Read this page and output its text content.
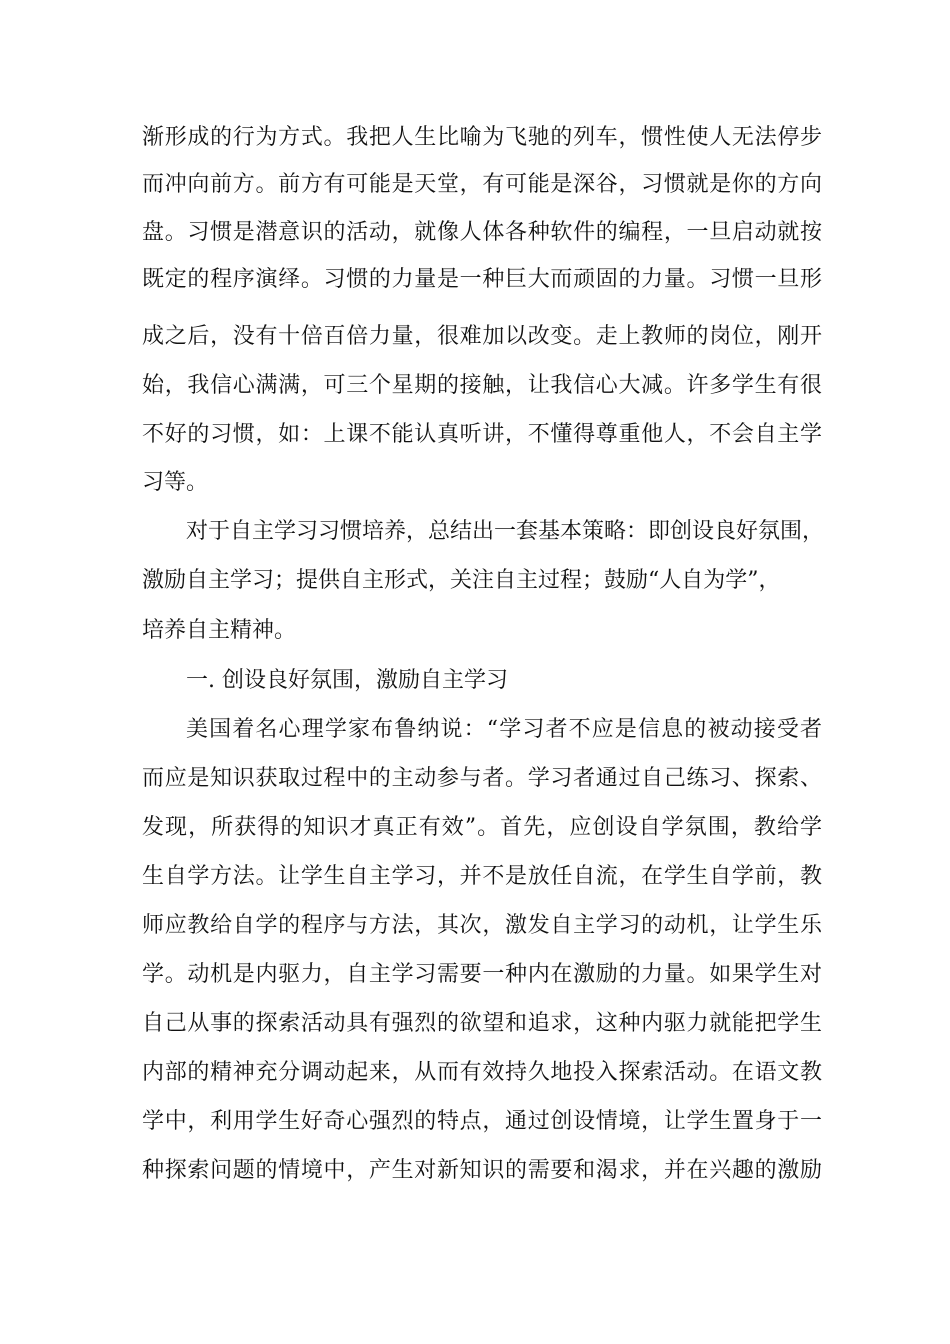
渐形成的行为方式。我把人生比喻为飞驰的列车，惯性使人无法停步
而冲向前方。前方有可能是天堂，有可能是深谷，习惯就是你的方向
盘。习惯是潜意识的活动，就像人体各种软件的编程，一旦启动就按
既定的程序演绎。习惯的力量是一种巨大而顽固的力量。习惯一旦形
成之后，没有十倍百倍力量，很难加以改变。走上教师的岗位，刚开
始，我信心满满，可三个星期的接触，让我信心大减。许多学生有很
不好的习惯，如：上课不能认真听讲，不懂得尊重他人，不会自主学
习等。
对于自主学习习惯培养，总结出一套基本策略：即创设良好氛围，
激励自主学习；提供自主形式，关注自主过程；鼓励“人自为学”，
培养自主精神。
一. 创设良好氛围，激励自主学习
美国着名心理学家布鲁纳说：“学习者不应是信息的被动接受者
而应是知识获取过程中的主动参与者。学习者通过自己练习、探索、
发现，所获得的知识才真正有效”。首先，应创设自学氛围，教给学
生自学方法。让学生自主学习，并不是放任自流，在学生自学前，教
师应教给自学的程序与方法，其次，激发自主学习的动机，让学生乐
学。动机是内驱力，自主学习需要一种内在激励的力量。如果学生对
自己从事的探索活动具有强烈的欲望和追求，这种内驱力就能把学生
内部的精神充分调动起来，从而有效持久地投入探索活动。在语文教
学中，利用学生好奇心强烈的特点，通过创设情境，让学生置身于一
种探索问题的情境中，产生对新知识的需要和渴求，并在兴趣的激励
